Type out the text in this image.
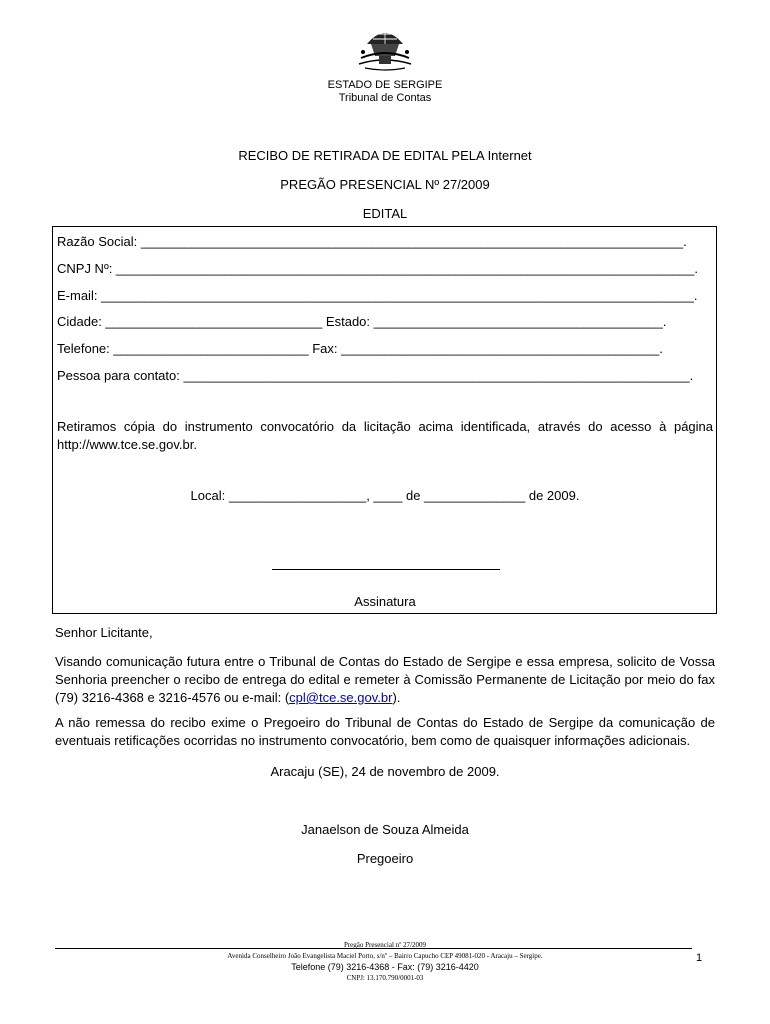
ESTADO DE SERGIPE
Tribunal de Contas
RECIBO DE RETIRADA DE EDITAL PELA Internet
PREGÃO PRESENCIAL Nº 27/2009
EDITAL
Razão Social: ___________________________________________________________________________.
CNPJ Nº: ________________________________________________________________________________.
E-mail: __________________________________________________________________________________.
Cidade: ______________________________ Estado: ________________________________________.
Telefone: ___________________________ Fax: ____________________________________________.
Pessoa para contato: ______________________________________________________________________.
Retiramos cópia do instrumento convocatório da licitação acima identificada, através do acesso à página http://www.tce.se.gov.br.
Local: ___________________, ____ de ______________ de 2009.
Assinatura
Senhor Licitante,
Visando comunicação futura entre o Tribunal de Contas do Estado de Sergipe e essa empresa, solicito de Vossa Senhoria preencher o recibo de entrega do edital e remeter à Comissão Permanente de Licitação por meio do fax (79) 3216-4368 e 3216-4576 ou e-mail: (cpl@tce.se.gov.br).
A não remessa do recibo exime o Pregoeiro do Tribunal de Contas do Estado de Sergipe da comunicação de eventuais retificações ocorridas no instrumento convocatório, bem como de quaisquer informações adicionais.
Aracaju (SE), 24 de novembro de 2009.
Janaelson de Souza Almeida
Pregoeiro
Pregão Presencial nº 27/2009
Avenida Conselheiro João Evangelista Maciel Porto, s/nº – Bairro Capucho CEP 49081-020 - Aracaju – Sergipe.
Telefone (79) 3216-4368 - Fax: (79) 3216-4420
CNPJ: 13.170.790/0001-03
1
